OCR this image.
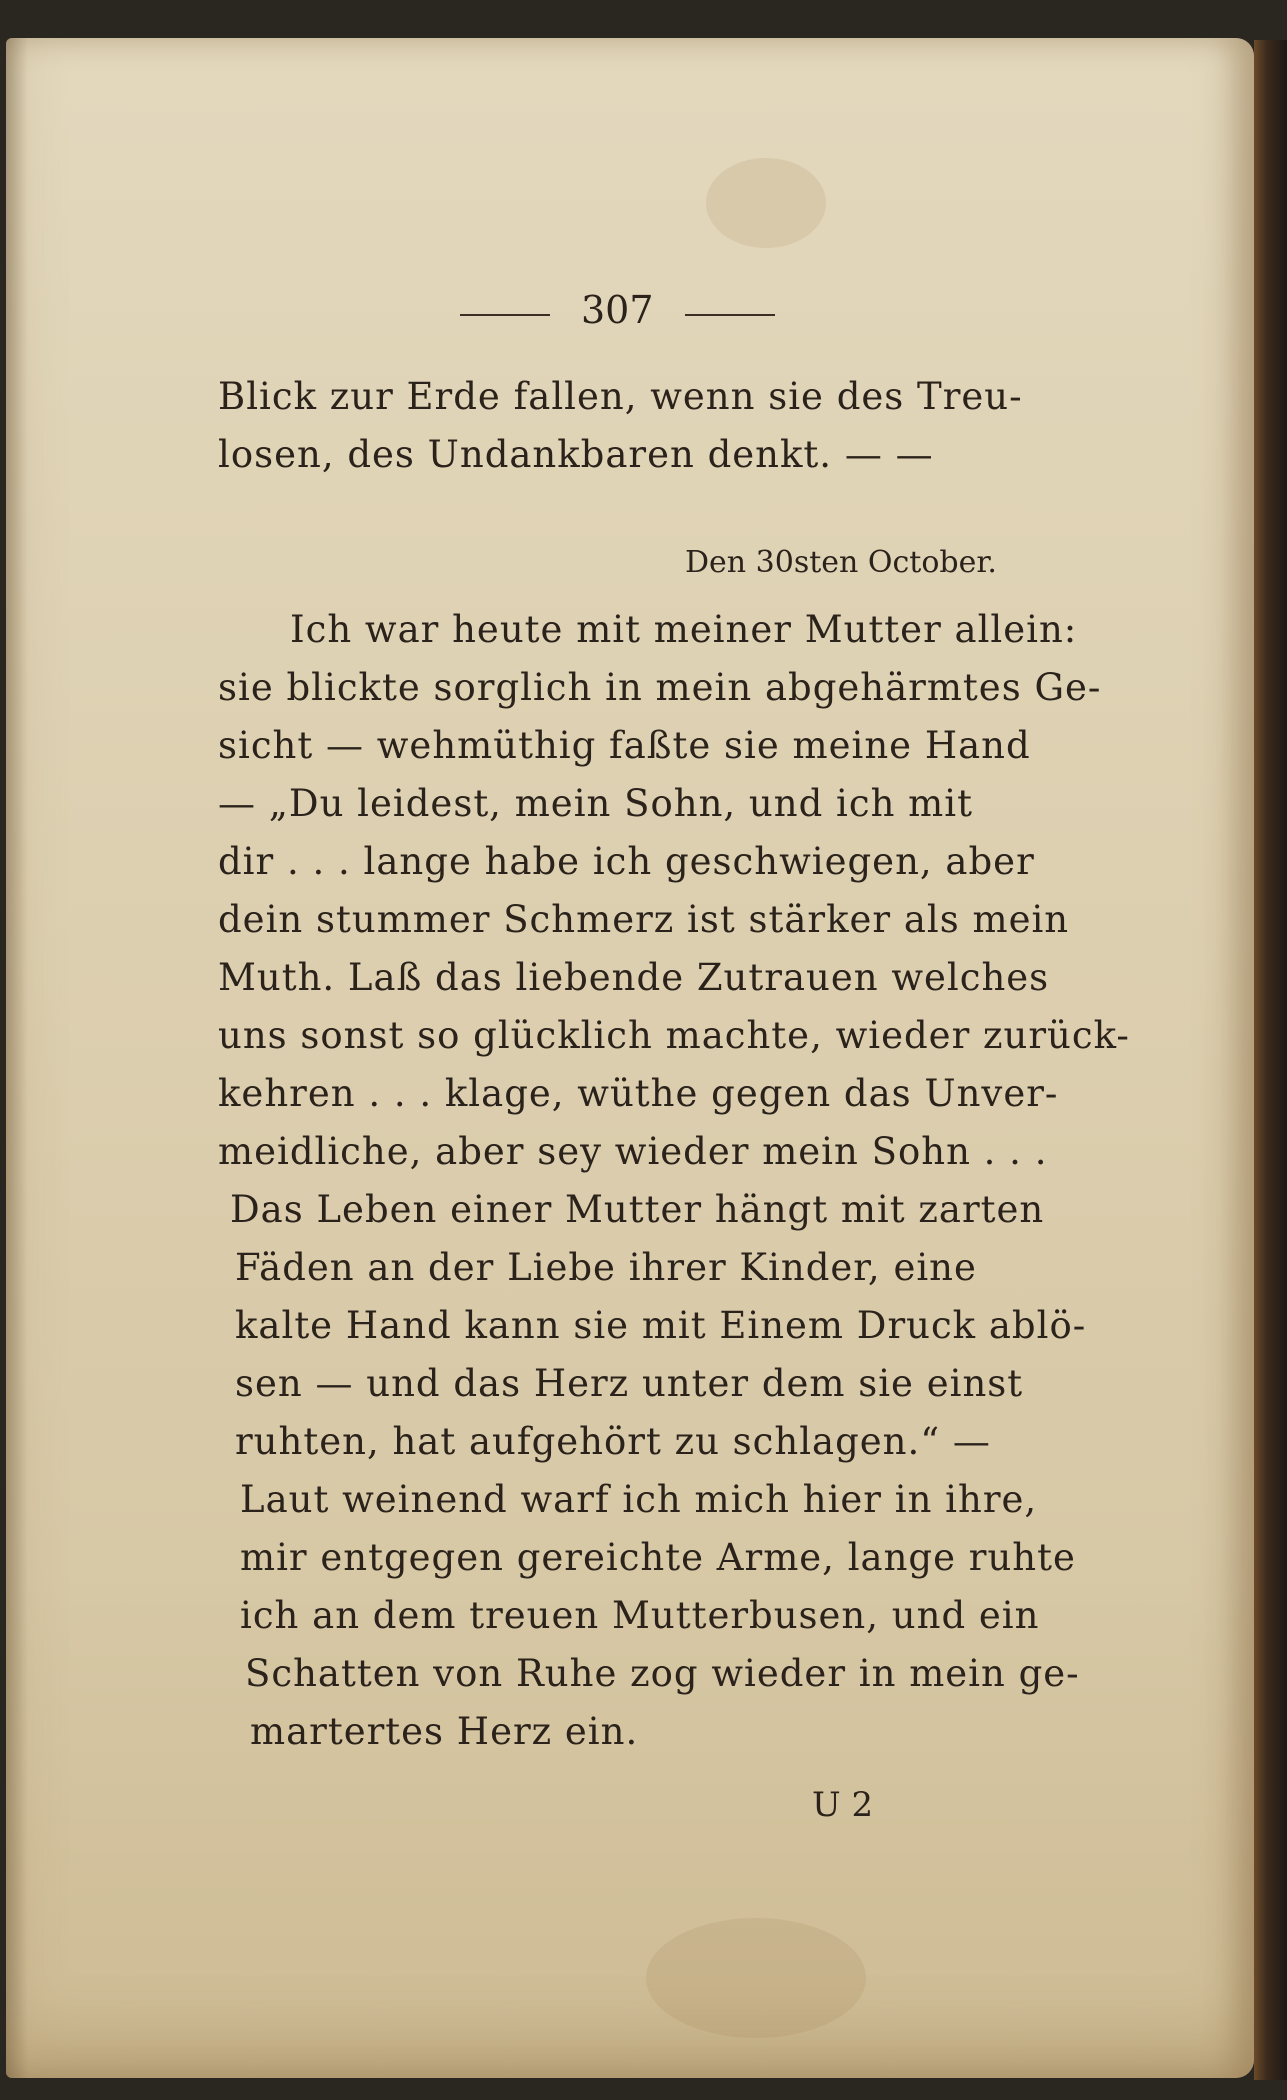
307
Blick zur Erde fallen, wenn sie des Treu-
losen, des Undankbaren denkt. — —
Den 30sten October.
Ich war heute mit meiner Mutter allein:
sie blickte sorglich in mein abgehärmtes Ge-
sicht — wehmüthig faßte sie meine Hand
— „Du leidest, mein Sohn, und ich mit
dir . . . lange habe ich geschwiegen, aber
dein stummer Schmerz ist stärker als mein
Muth. Laß das liebende Zutrauen welches
uns sonst so glücklich machte, wieder zurück-
kehren . . . klage, wüthe gegen das Unver-
meidliche, aber sey wieder mein Sohn . . .
Das Leben einer Mutter hängt mit zarten
Fäden an der Liebe ihrer Kinder, eine
kalte Hand kann sie mit Einem Druck ablö-
sen — und das Herz unter dem sie einst
ruhten, hat aufgehört zu schlagen.“ —
Laut weinend warf ich mich hier in ihre,
mir entgegen gereichte Arme, lange ruhte
ich an dem treuen Mutterbusen, und ein
Schatten von Ruhe zog wieder in mein ge-
martertes Herz ein.
U 2
